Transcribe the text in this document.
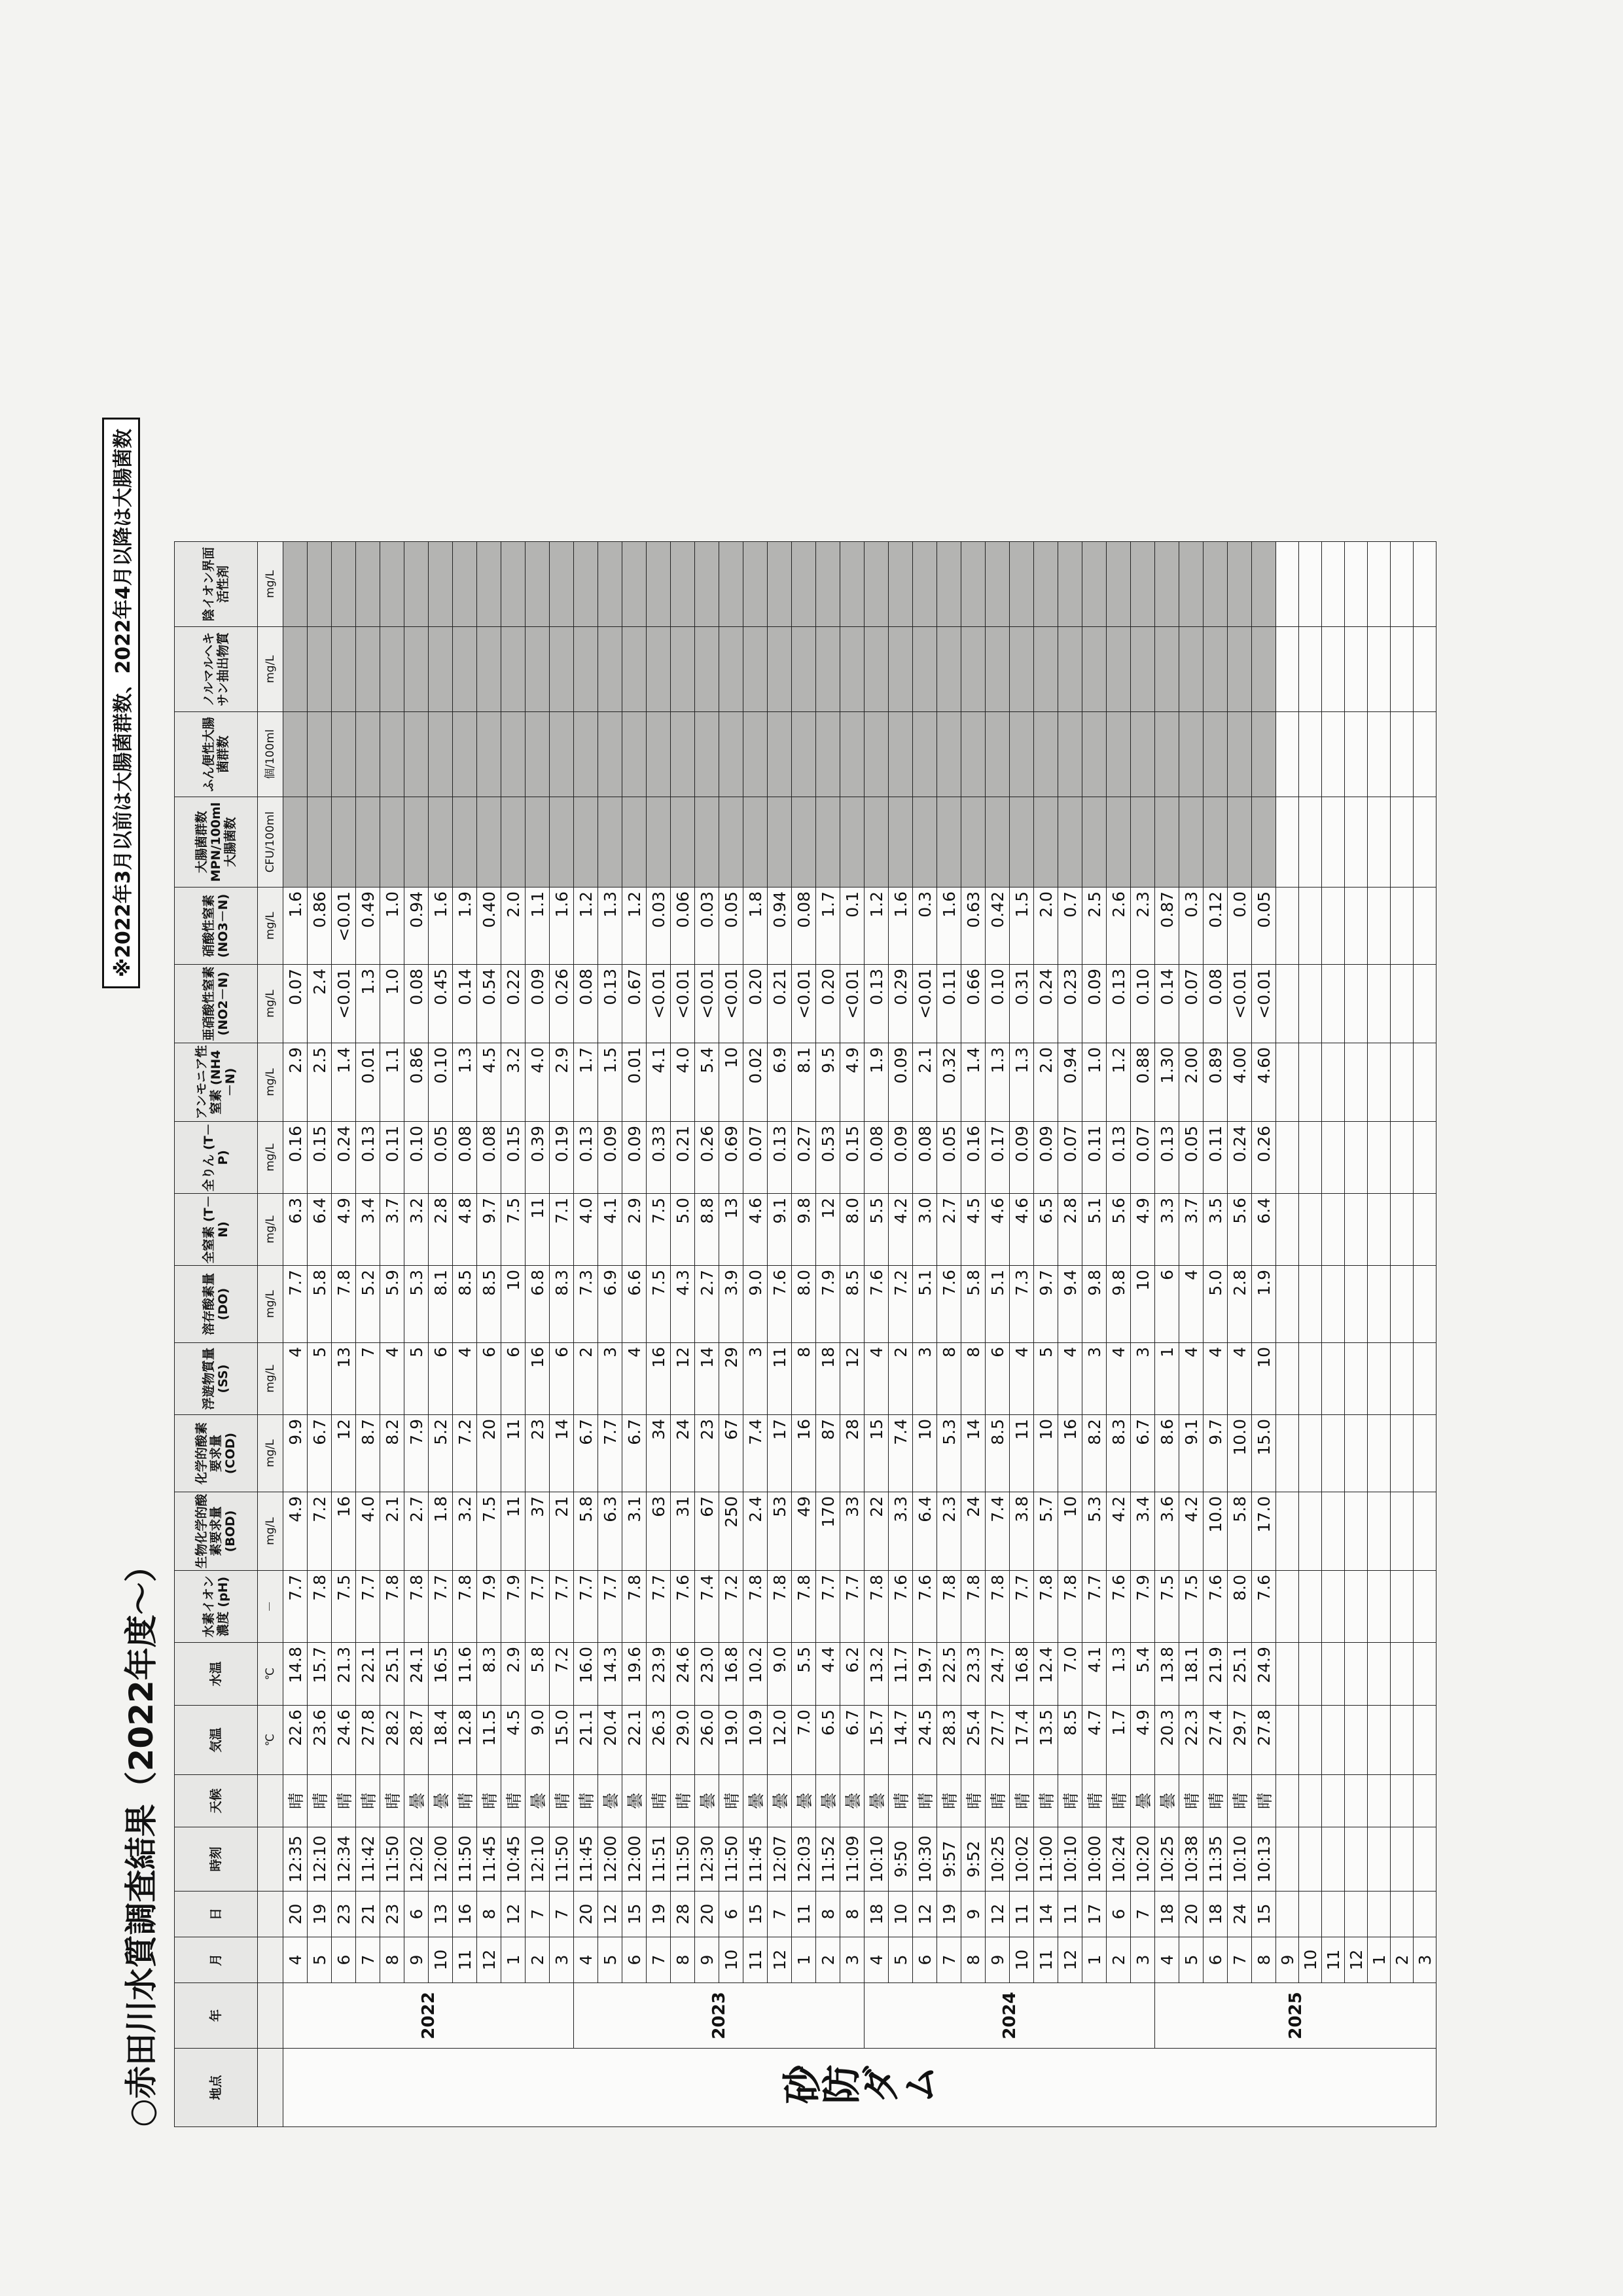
○赤田川水質調査結果（2022年度～）
※2022年3月以前は大腸菌群数、2022年4月以降は大腸菌数
地点	年	月	日	時刻	天候	気温	水温	水素イオン濃度 (pH)	生物化学的酸素要求量 (BOD)	化学的酸素要求量 (COD)	浮遊物質量 (SS)	溶存酸素量 (DO)	全窒素 (T－N)	全りん (T－P)	アンモニア性窒素 (NH4－N)	亜硝酸性窒素 (NO2－N)	硝酸性窒素 (NO3－N)	大腸菌群数 MPN/100ml 大腸菌数	ふん便性大腸菌群数	ノルマルヘキサン抽出物質	陰イオン界面活性剤
						℃	℃	－	mg/L	mg/L	mg/L	mg/L	mg/L	mg/L	mg/L	mg/L	mg/L	CFU/100ml	個/100ml	mg/L	mg/L
砂防ダム	2022	4	20	12:35	晴	22.6	14.8	7.7	4.9	9.9	4	7.7	6.3	0.16	2.9	0.07	1.6				
		5	19	12:10	晴	23.6	15.7	7.8	7.2	6.7	5	5.8	6.4	0.15	2.5	2.4	0.86				
		6	23	12:34	晴	24.6	21.3	7.5	16	12	13	7.8	4.9	0.24	1.4	<0.01	<0.01				
		7	21	11:42	晴	27.8	22.1	7.7	4.0	8.7	7	5.2	3.4	0.13	0.01	1.3	0.49				
		8	23	11:50	晴	28.2	25.1	7.8	2.1	8.2	4	5.9	3.7	0.11	1.1	1.0	1.0				
		9	6	12:02	曇	28.7	24.1	7.8	2.7	7.9	5	5.3	3.2	0.10	0.86	0.08	0.94				
		10	13	12:00	曇	18.4	16.5	7.7	1.8	5.2	6	8.1	2.8	0.05	0.10	0.45	1.6				
		11	16	11:50	晴	12.8	11.6	7.8	3.2	7.2	4	8.5	4.8	0.08	1.3	0.14	1.9				
		12	8	11:45	晴	11.5	8.3	7.9	7.5	20	6	8.5	9.7	0.08	4.5	0.54	0.40				
		1	12	10:45	晴	4.5	2.9	7.9	11	11	6	10	7.5	0.15	3.2	0.22	2.0				
		2	7	12:10	曇	9.0	5.8	7.7	37	23	16	6.8	11	0.39	4.0	0.09	1.1				
		3	7	11:50	晴	15.0	7.2	7.7	21	14	6	8.3	7.1	0.19	2.9	0.26	1.6				
	2023	4	20	11:45	晴	21.1	16.0	7.7	5.8	6.7	2	7.3	4.0	0.13	1.7	0.08	1.2				
		5	12	12:00	曇	20.4	14.3	7.7	6.3	7.7	3	6.9	4.1	0.09	1.5	0.13	1.3				
		6	15	12:00	曇	22.1	19.6	7.8	3.1	6.7	4	6.6	2.9	0.09	0.01	0.67	1.2				
		7	19	11:51	晴	26.3	23.9	7.7	63	34	16	7.5	7.5	0.33	4.1	<0.01	0.03				
		8	28	11:50	晴	29.0	24.6	7.6	31	24	12	4.3	5.0	0.21	4.0	<0.01	0.06				
		9	20	12:30	曇	26.0	23.0	7.4	67	23	14	2.7	8.8	0.26	5.4	<0.01	0.03				
		10	6	11:50	晴	19.0	16.8	7.2	250	67	29	3.9	13	0.69	10	<0.01	0.05				
		11	15	11:45	曇	10.9	10.2	7.8	2.4	7.4	3	9.0	4.6	0.07	0.02	0.20	1.8				
		12	7	12:07	曇	12.0	9.0	7.8	53	17	11	7.6	9.1	0.13	6.9	0.21	0.94				
		1	11	12:03	曇	7.0	5.5	7.8	49	16	8	8.0	9.8	0.27	8.1	<0.01	0.08				
		2	8	11:52	曇	6.5	4.4	7.7	170	87	18	7.9	12	0.53	9.5	0.20	1.7				
		3	8	11:09	曇	6.7	6.2	7.7	33	28	12	8.5	8.0	0.15	4.9	<0.01	0.1				
	2024	4	18	10:10	曇	15.7	13.2	7.8	22	15	4	7.6	5.5	0.08	1.9	0.13	1.2				
		5	10	9:50	晴	14.7	11.7	7.6	3.3	7.4	2	7.2	4.2	0.09	0.09	0.29	1.6				
		6	12	10:30	晴	24.5	19.7	7.6	6.4	10	3	5.1	3.0	0.08	2.1	<0.01	0.3				
		7	19	9:57	晴	28.3	22.5	7.8	2.3	5.3	8	7.6	2.7	0.05	0.32	0.11	1.6				
		8	9	9:52	晴	25.4	23.3	7.8	24	14	8	5.8	4.5	0.16	1.4	0.66	0.63				
		9	12	10:25	晴	27.7	24.7	7.8	7.4	8.5	6	5.1	4.6	0.17	1.3	0.10	0.42				
		10	11	10:02	晴	17.4	16.8	7.7	3.8	11	4	7.3	4.6	0.09	1.3	0.31	1.5				
		11	14	11:00	晴	13.5	12.4	7.8	5.7	10	5	9.7	6.5	0.09	2.0	0.24	2.0				
		12	11	10:10	晴	8.5	7.0	7.8	10	16	4	9.4	2.8	0.07	0.94	0.23	0.7				
		1	17	10:00	晴	4.7	4.1	7.7	5.3	8.2	3	9.8	5.1	0.11	1.0	0.09	2.5				
		2	6	10:24	晴	1.7	1.3	7.6	4.2	8.3	4	9.8	5.6	0.13	1.2	0.13	2.6				
		3	7	10:20	曇	4.9	5.4	7.9	3.4	6.7	3	10	4.9	0.07	0.88	0.10	2.3				
	2025	4	18	10:25	曇	20.3	13.8	7.5	3.6	8.6	1	6	3.3	0.13	1.30	0.14	0.87				
		5	20	10:38	晴	22.3	18.1	7.5	4.2	9.1	4	4	3.7	0.05	2.00	0.07	0.3				
		6	18	11:35	晴	27.4	21.9	7.6	10.0	9.7	4	5.0	3.5	0.11	0.89	0.08	0.12				
		7	24	10:10	晴	29.7	25.1	8.0	5.8	10.0	4	2.8	5.6	0.24	4.00	<0.01	0.0				
		8	15	10:13	晴	27.8	24.9	7.6	17.0	15.0	10	1.9	6.4	0.26	4.60	<0.01	0.05				
		9																			
		10																			
		11																			
		12																			
		1																			
		2																			
		3																			
